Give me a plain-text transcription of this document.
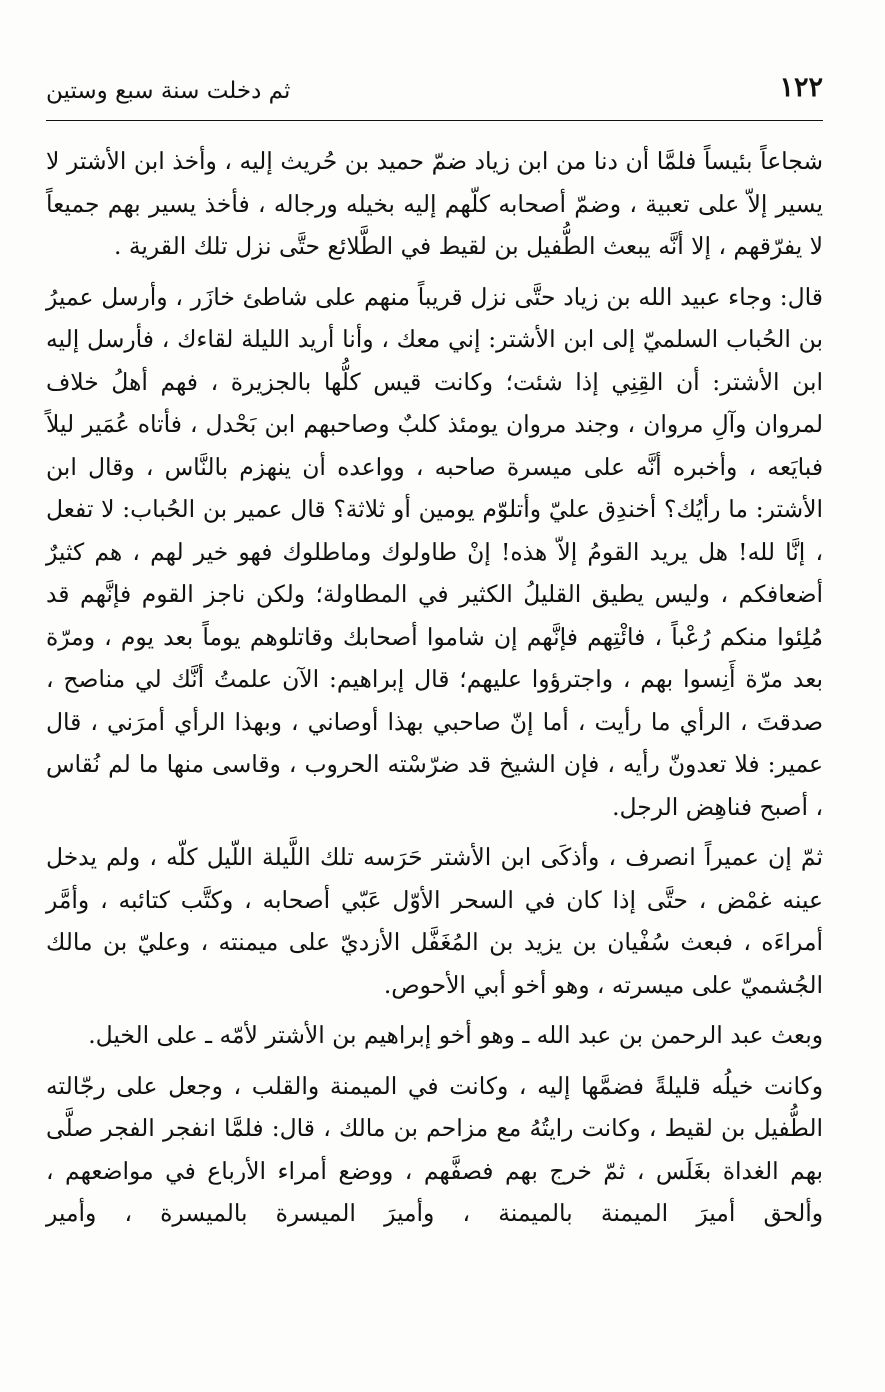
١٢٢
ثم دخلت سنة سبع وستين

شجاعاً بئيساً فلمَّا أن دنا من ابن زياد ضمّ حميد بن حُريث إليه ، وأخذ ابن الأشتر لا يسير إلاّ على تعبية ، وضمّ أصحابه كلّهم إليه بخيله ورجاله ، فأخذ يسير بهم جميعاً لا يفرّقهم ، إلا أنَّه يبعث الطُّفيل بن لقيط في الطَّلائع حتَّى نزل تلك القرية .

قال: وجاء عبيد الله بن زياد حتَّى نزل قريباً منهم على شاطئ خازَر ، وأرسل عميرُ بن الحُباب السلميّ إلى ابن الأشتر: إني معك ، وأنا أريد الليلة لقاءك ، فأرسل إليه ابن الأشتر: أن القِنِي إذا شئت؛ وكانت قيس كلُّها بالجزيرة ، فهم أهلُ خلاف لمروان وآلِ مروان ، وجند مروان يومئذ كلبٌ وصاحبهم ابن بَحْدل ، فأتاه عُمَير ليلاً فبايَعه ، وأخبره أنَّه على ميسرة صاحبه ، وواعده أن ينهزم بالنَّاس ، وقال ابن الأشتر: ما رأيُك؟ أخندِق عليّ وأتلوّم يومين أو ثلاثة؟ قال عمير بن الحُباب: لا تفعل ، إنَّا لله! هل يريد القومُ إلاّ هذه! إنْ طاولوك وماطلوك فهو خير لهم ، هم كثيرٌ أضعافكم ، وليس يطيق القليلُ الكثير في المطاولة؛ ولكن ناجز القوم فإنَّهم قد مُلِئوا منكم رُعْباً ، فائْتِهم فإنَّهم إن شاموا أصحابك وقاتلوهم يوماً بعد يوم ، ومرّة بعد مرّة أَنِسوا بهم ، واجترؤوا عليهم؛ قال إبراهيم: الآن علمتُ أنَّك لي مناصح ، صدقتَ ، الرأي ما رأيت ، أما إنّ صاحبي بهذا أوصاني ، وبهذا الرأي أمرَني ، قال عمير: فلا تعدونّ رأيه ، فإن الشيخ قد ضرّسْته الحروب ، وقاسى منها ما لم نُقاس ، أصبح فناهِض الرجل.

ثمّ إن عميراً انصرف ، وأذكَى ابن الأشتر حَرَسه تلك اللَّيلة اللّيل كلّه ، ولم يدخل عينه غمْض ، حتَّى إذا كان في السحر الأوّل عَبّي أصحابه ، وكتَّب كتائبه ، وأمَّر أمراءَه ، فبعث سُفْيان بن يزيد بن المُغَفَّل الأزديّ على ميمنته ، وعليّ بن مالك الجُشميّ على ميسرته ، وهو أخو أبي الأحوص.

وبعث عبد الرحمن بن عبد الله ـ وهو أخو إبراهيم بن الأشتر لأمّه ـ على الخيل.

وكانت خيلُه قليلةً فضمَّها إليه ، وكانت في الميمنة والقلب ، وجعل على رجّالته الطُّفيل بن لقيط ، وكانت رايتُهُ مع مزاحم بن مالك ، قال: فلمَّا انفجر الفجر صلَّى بهم الغداة بغَلَس ، ثمّ خرج بهم فصفَّهم ، ووضع أمراء الأرباع في مواضعهم ، وألحق أميرَ الميمنة بالميمنة ، وأميرَ الميسرة بالميسرة ، وأمير
